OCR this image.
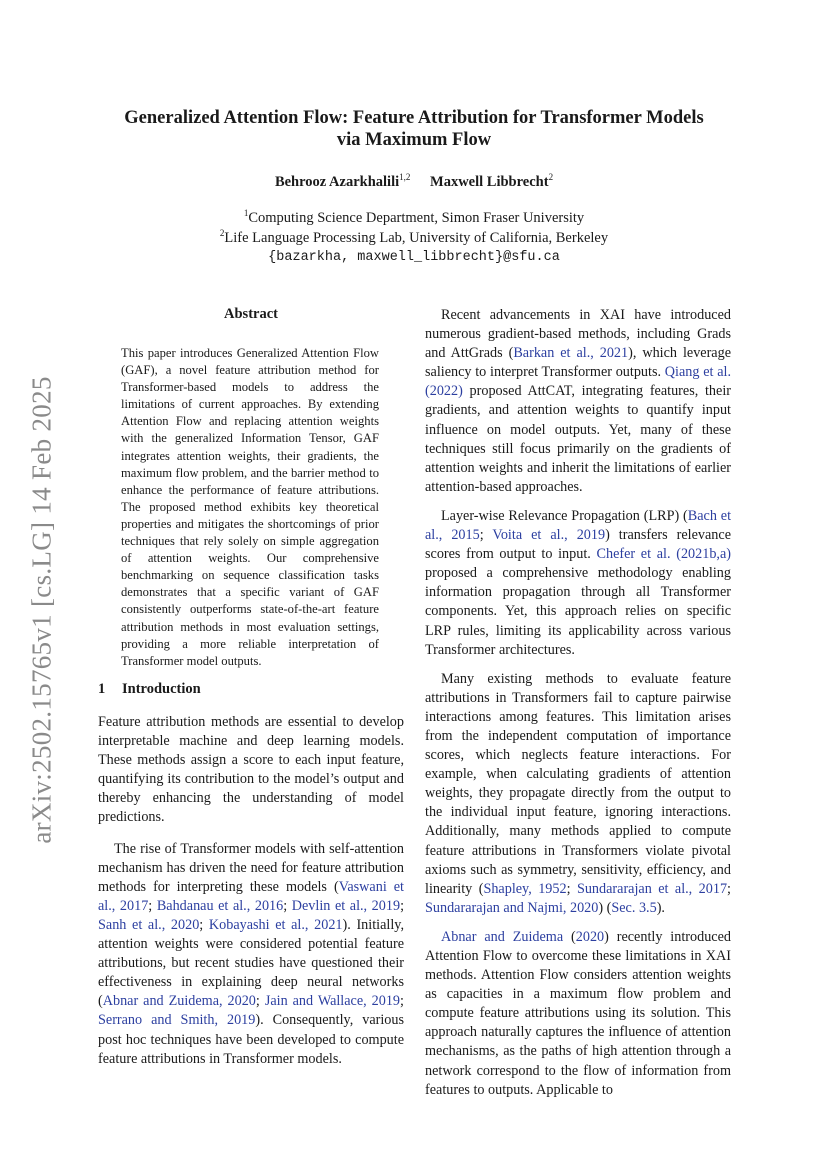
arXiv:2502.15765v1 [cs.LG] 14 Feb 2025
Generalized Attention Flow: Feature Attribution for Transformer Models
via Maximum Flow
Behrooz Azarkhalili$^{1,2}$ Maxwell Libbrecht$^2$
$^1$Computing Science Department, Simon Fraser University
$^2$Life Language Processing Lab, University of California, Berkeley
{bazarkha, maxwell_libbrecht}@sfu.ca
Abstract

This paper introduces Generalized Attention Flow (GAF), a novel feature attribution method for Transformer-based models to address the limitations of current approaches. By extending Attention Flow and replacing attention weights with the generalized Information Tensor, GAF integrates attention weights, their gradients, the maximum flow problem, and the barrier method to enhance the performance of feature attributions. The proposed method exhibits key theoretical properties and mitigates the shortcomings of prior techniques that rely solely on simple aggregation of attention weights. Our comprehensive benchmarking on sequence classification tasks demonstrates that a specific variant of GAF consistently outperforms state-of-the-art feature attribution methods in most evaluation settings, providing a more reliable interpretation of Transformer model outputs.

1 Introduction

Feature attribution methods are essential to develop interpretable machine and deep learning models. These methods assign a score to each input feature, quantifying its contribution to the model’s output and thereby enhancing the understanding of model predictions.

The rise of Transformer models with self-attention mechanism has driven the need for feature attribution methods for interpreting these models (Vaswani et al., 2017; Bahdanau et al., 2016; Devlin et al., 2019; Sanh et al., 2020; Kobayashi et al., 2021). Initially, attention weights were considered potential feature attributions, but recent studies have questioned their effectiveness in explaining deep neural networks (Abnar and Zuidema, 2020; Jain and Wallace, 2019; Serrano and Smith, 2019). Consequently, various post hoc techniques have been developed to compute feature attributions in Transformer models.

Recent advancements in XAI have introduced numerous gradient-based methods, including Grads and AttGrads (Barkan et al., 2021), which leverage saliency to interpret Transformer outputs. Qiang et al. (2022) proposed AttCAT, integrating features, their gradients, and attention weights to quantify input influence on model outputs. Yet, many of these techniques still focus primarily on the gradients of attention weights and inherit the limitations of earlier attention-based approaches.

Layer-wise Relevance Propagation (LRP) (Bach et al., 2015; Voita et al., 2019) transfers relevance scores from output to input. Chefer et al. (2021b,a) proposed a comprehensive methodology enabling information propagation through all Transformer components. Yet, this approach relies on specific LRP rules, limiting its applicability across various Transformer architectures.

Many existing methods to evaluate feature attributions in Transformers fail to capture pairwise interactions among features. This limitation arises from the independent computation of importance scores, which neglects feature interactions. For example, when calculating gradients of attention weights, they propagate directly from the output to the individual input feature, ignoring interactions. Additionally, many methods applied to compute feature attributions in Transformers violate pivotal axioms such as symmetry, sensitivity, efficiency, and linearity (Shapley, 1952; Sundararajan et al., 2017; Sundararajan and Najmi, 2020) (Sec. 3.5).

Abnar and Zuidema (2020) recently introduced Attention Flow to overcome these limitations in XAI methods. Attention Flow considers attention weights as capacities in a maximum flow problem and compute feature attributions using its solution. This approach naturally captures the influence of attention mechanisms, as the paths of high attention through a network correspond to the flow of information from features to outputs. Applicable to
